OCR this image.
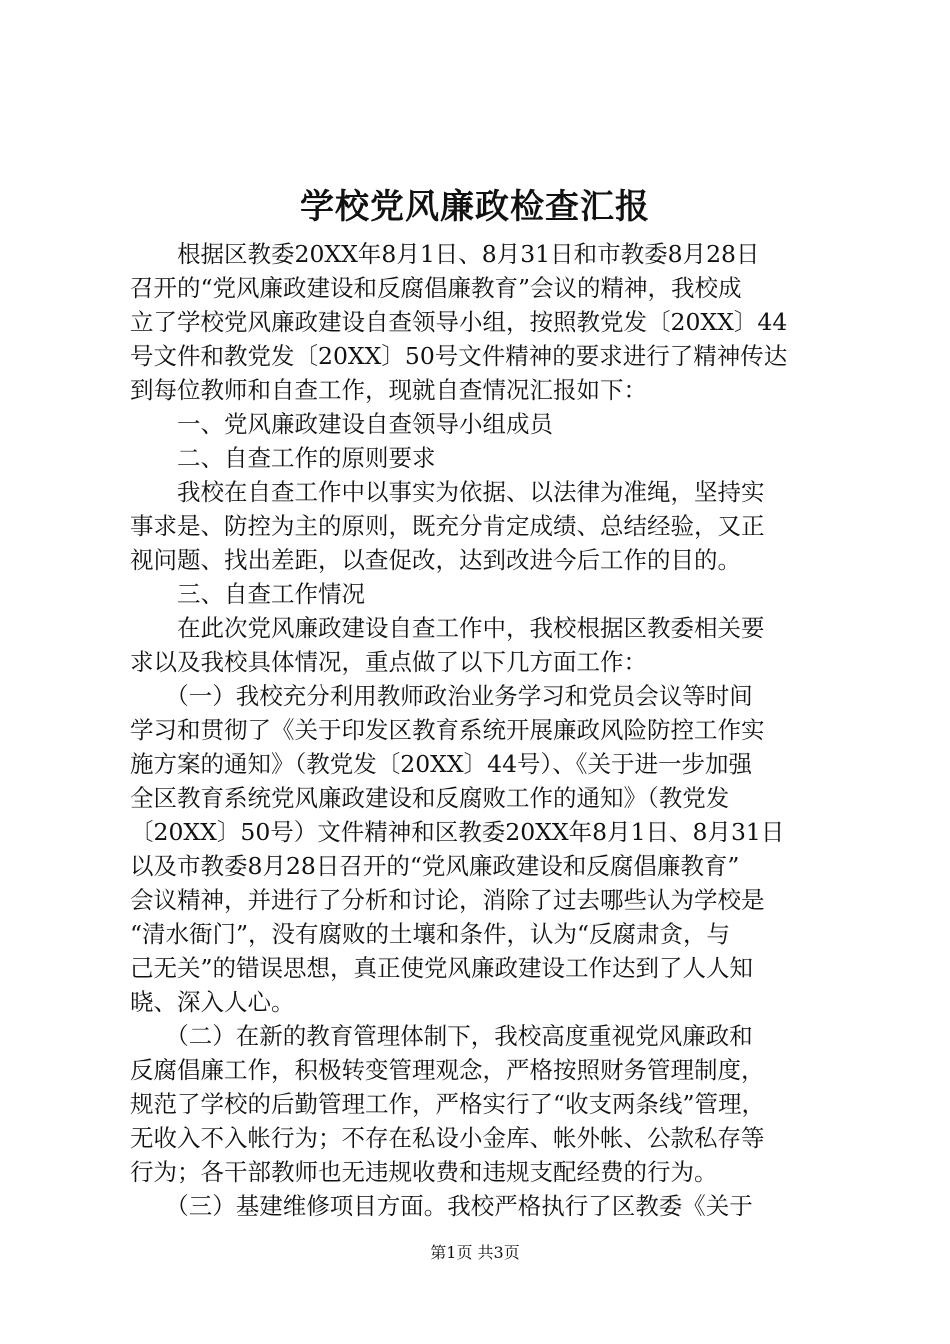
学校党风廉政检查汇报
　　根据区教委20XX年8月1日、8月31日和市教委8月28日
召开的“党风廉政建设和反腐倡廉教育”会议的精神，我校成
立了学校党风廉政建设自查领导小组，按照教党发〔20XX〕44
号文件和教党发〔20XX〕50号文件精神的要求进行了精神传达
到每位教师和自查工作，现就自查情况汇报如下：
　　一、党风廉政建设自查领导小组成员
　　二、自查工作的原则要求
　　我校在自查工作中以事实为依据、以法律为准绳，坚持实
事求是、防控为主的原则，既充分肯定成绩、总结经验，又正
视问题、找出差距，以查促改，达到改进今后工作的目的。
　　三、自查工作情况
　　在此次党风廉政建设自查工作中，我校根据区教委相关要
求以及我校具体情况，重点做了以下几方面工作：
　　（一）我校充分利用教师政治业务学习和党员会议等时间
学习和贯彻了《关于印发区教育系统开展廉政风险防控工作实
施方案的通知》（教党发〔20XX〕44号）、《关于进一步加强
全区教育系统党风廉政建设和反腐败工作的通知》（教党发
〔20XX〕50号）文件精神和区教委20XX年8月1日、8月31日
以及市教委8月28日召开的“党风廉政建设和反腐倡廉教育”
会议精神，并进行了分析和讨论，消除了过去哪些认为学校是
“清水衙门”，没有腐败的土壤和条件，认为“反腐肃贪，与
己无关”的错误思想，真正使党风廉政建设工作达到了人人知
晓、深入人心。
　　（二）在新的教育管理体制下，我校高度重视党风廉政和
反腐倡廉工作，积极转变管理观念，严格按照财务管理制度，
规范了学校的后勤管理工作，严格实行了“收支两条线”管理，
无收入不入帐行为；不存在私设小金库、帐外帐、公款私存等
行为；各干部教师也无违规收费和违规支配经费的行为。
　　（三）基建维修项目方面。我校严格执行了区教委《关于
第1页 共3页
